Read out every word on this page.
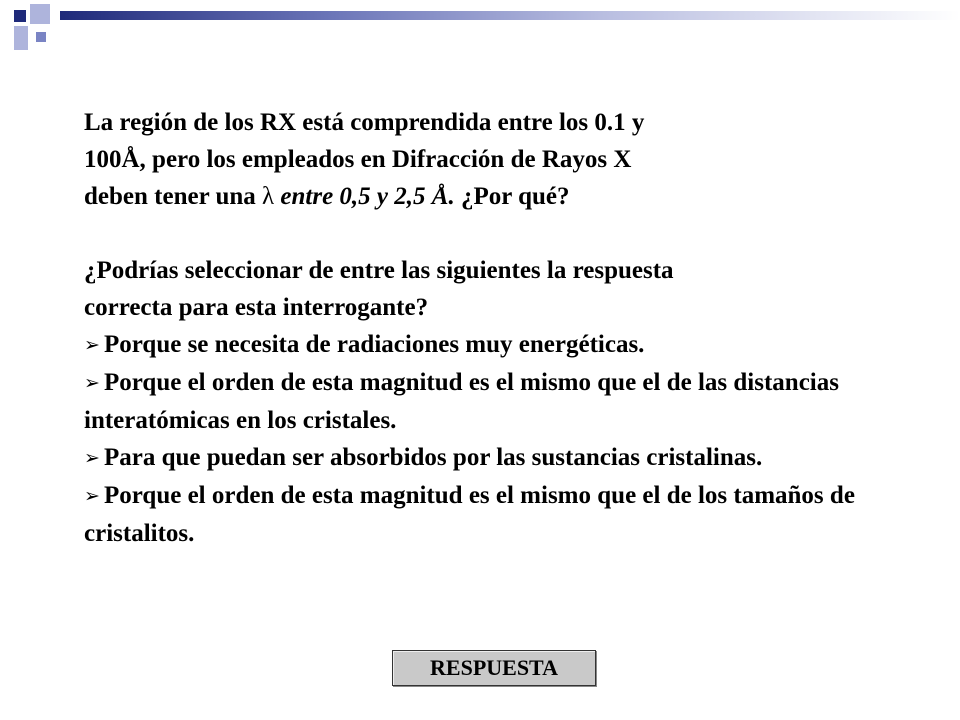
La región de los RX está comprendida entre los 0.1 y
100Å, pero los empleados en Difracción de Rayos X
deben tener una λ entre 0,5 y 2,5 Å. ¿Por qué?

¿Podrías seleccionar de entre las siguientes la respuesta
correcta para esta interrogante?

➢ Porque se necesita de radiaciones muy energéticas.
➢ Porque el orden de esta magnitud es el mismo que el de las distancias interatómicas en los cristales.
➢ Para que puedan ser absorbidos por las sustancias cristalinas.
➢ Porque el orden de esta magnitud es el mismo que el de los tamaños de cristalitos.
RESPUESTA
